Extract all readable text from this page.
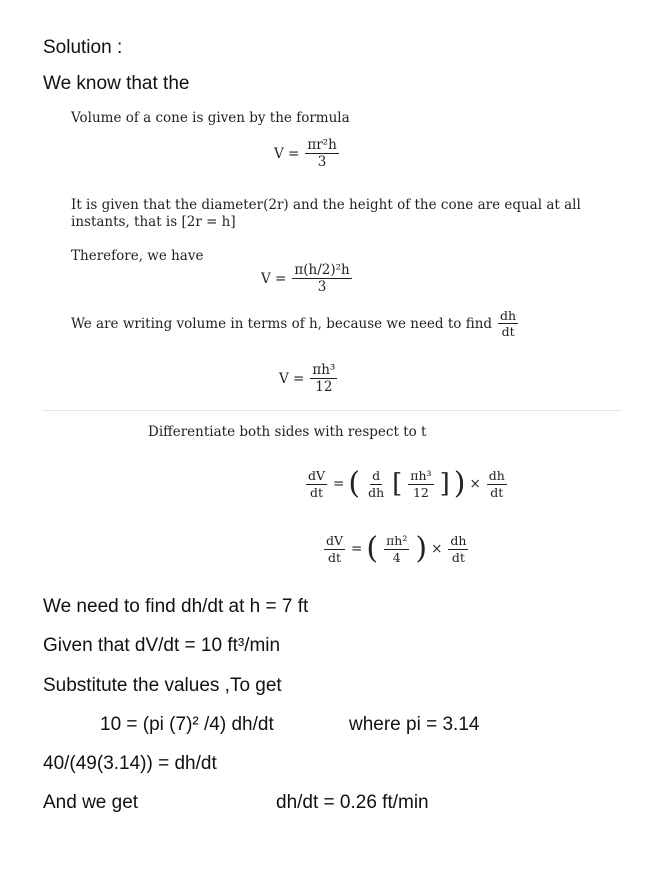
Solution :
We know that the
Volume of a cone is given by the formula
$V = \frac{\text{πr²h}}{3}$
It is given that the diameter(2r) and the height of the cone are equal at all
instants, that is [2r = h]
Therefore, we have
$V = \frac{\text{π(h/2)²h}}{3}$
We are writing volume in terms of h, because we need to find $\frac{dh}{dt}$
$V = \frac{\text{πh³}}{12}$
Differentiate both sides with respect to t
$\frac{dV}{dt}$ = ( $\frac{d}{dh}$ [ $\frac{\text{πh³}}{12}$ ] ) × $\frac{dh}{dt}$
$\frac{dV}{dt}$ = ( $\frac{\text{πh²}}{4}$ ) × $\frac{dh}{dt}$
We need to find dh/dt at h = 7 ft
Given that dV/dt = 10 ft³/min
Substitute the values ,To get
10 = (pi (7)² /4) dh/dt	where pi = 3.14
40/(49(3.14)) = dh/dt
And we get	dh/dt = 0.26 ft/min
